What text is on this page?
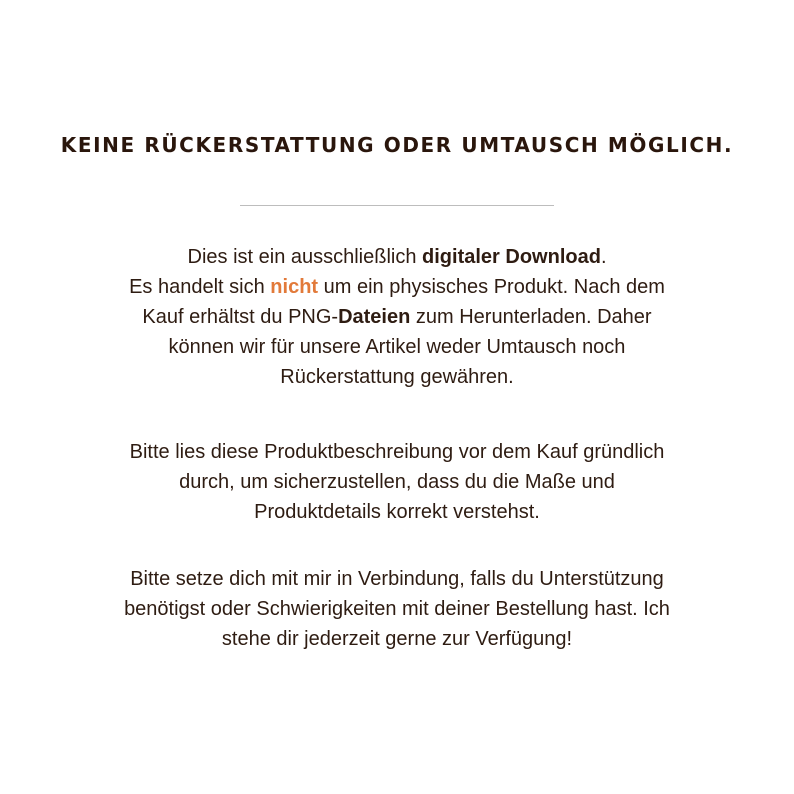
KEINE RÜCKERSTATTUNG ODER UMTAUSCH MÖGLICH.
Dies ist ein ausschließlich digitaler Download.
Es handelt sich nicht um ein physisches Produkt. Nach dem
Kauf erhältst du PNG-Dateien zum Herunterladen. Daher
können wir für unsere Artikel weder Umtausch noch
Rückerstattung gewähren.
Bitte lies diese Produktbeschreibung vor dem Kauf gründlich
durch, um sicherzustellen, dass du die Maße und
Produktdetails korrekt verstehst.
Bitte setze dich mit mir in Verbindung, falls du Unterstützung
benötigst oder Schwierigkeiten mit deiner Bestellung hast. Ich
stehe dir jederzeit gerne zur Verfügung!
